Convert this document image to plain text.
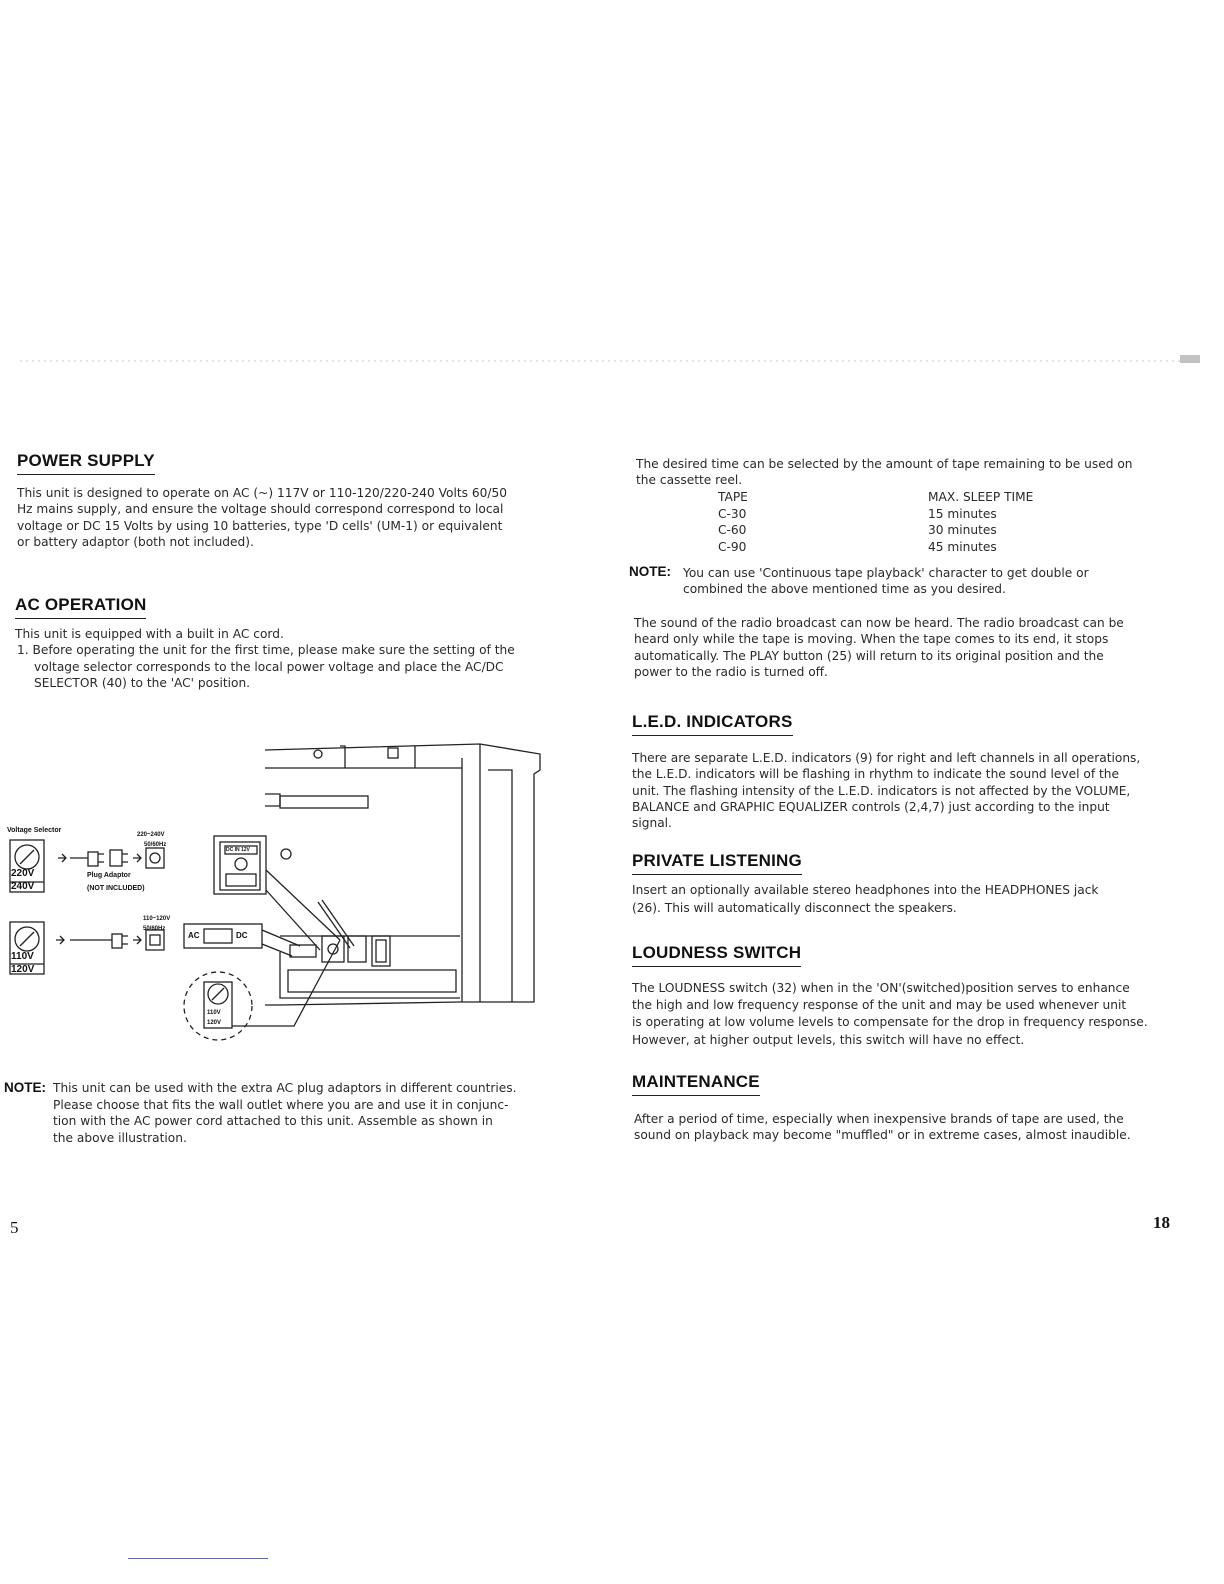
POWER SUPPLY

This unit is designed to operate on AC (~) 117V or 110-120/220-240 Volts 60/50

Hz mains supply, and ensure the voltage should correspond correspond to local

voltage or DC 15 Volts by using 10 batteries, type 'D cells' (UM-1) or equivalent

or battery adaptor (both not included).

AC OPERATION

This unit is equipped with a built in AC cord.

1. Before operating the unit for the first time, please make sure the setting of the

voltage selector corresponds to the local power voltage and place the AC/DC

SELECTOR (40) to the 'AC' position.

Voltage Selector
220V
240V
220~240V
50/60Hz
Plug Adaptor
(NOT INCLUDED)
110~120V
50/60Hz
110V
120V
AC	DC
DC IN 12V
110V
120V
NOTE: This unit can be used with the extra AC plug adaptors in different countries.

Please choose that fits the wall outlet where you are and use it in conjunc-

tion with the AC power cord attached to this unit. Assemble as shown in

the above illustration.

5

The desired time can be selected by the amount of tape remaining to be used on

the cassette reel.

TAPE	MAX. SLEEP TIME
C-30	15 minutes
C-60	30 minutes
C-90	45 minutes
NOTE: You can use 'Continuous tape playback' character to get double or

combined the above mentioned time as you desired.

The sound of the radio broadcast can now be heard. The radio broadcast can be

heard only while the tape is moving. When the tape comes to its end, it stops

automatically. The PLAY button (25) will return to its original position and the

power to the radio is turned off.

L.E.D. INDICATORS

There are separate L.E.D. indicators (9) for right and left channels in all operations,

the L.E.D. indicators will be flashing in rhythm to indicate the sound level of the

unit. The flashing intensity of the L.E.D. indicators is not affected by the VOLUME,

BALANCE and GRAPHIC EQUALIZER controls (2,4,7) just according to the input

signal.

PRIVATE LISTENING

Insert an optionally available stereo headphones into the HEADPHONES jack

(26). This will automatically disconnect the speakers.

LOUDNESS SWITCH

The LOUDNESS switch (32) when in the 'ON'(switched)position serves to enhance

the high and low frequency response of the unit and may be used whenever unit

is operating at low volume levels to compensate for the drop in frequency response.

However, at higher output levels, this switch will have no effect.

MAINTENANCE

After a period of time, especially when inexpensive brands of tape are used, the

sound on playback may become "muffled" or in extreme cases, almost inaudible.

18
